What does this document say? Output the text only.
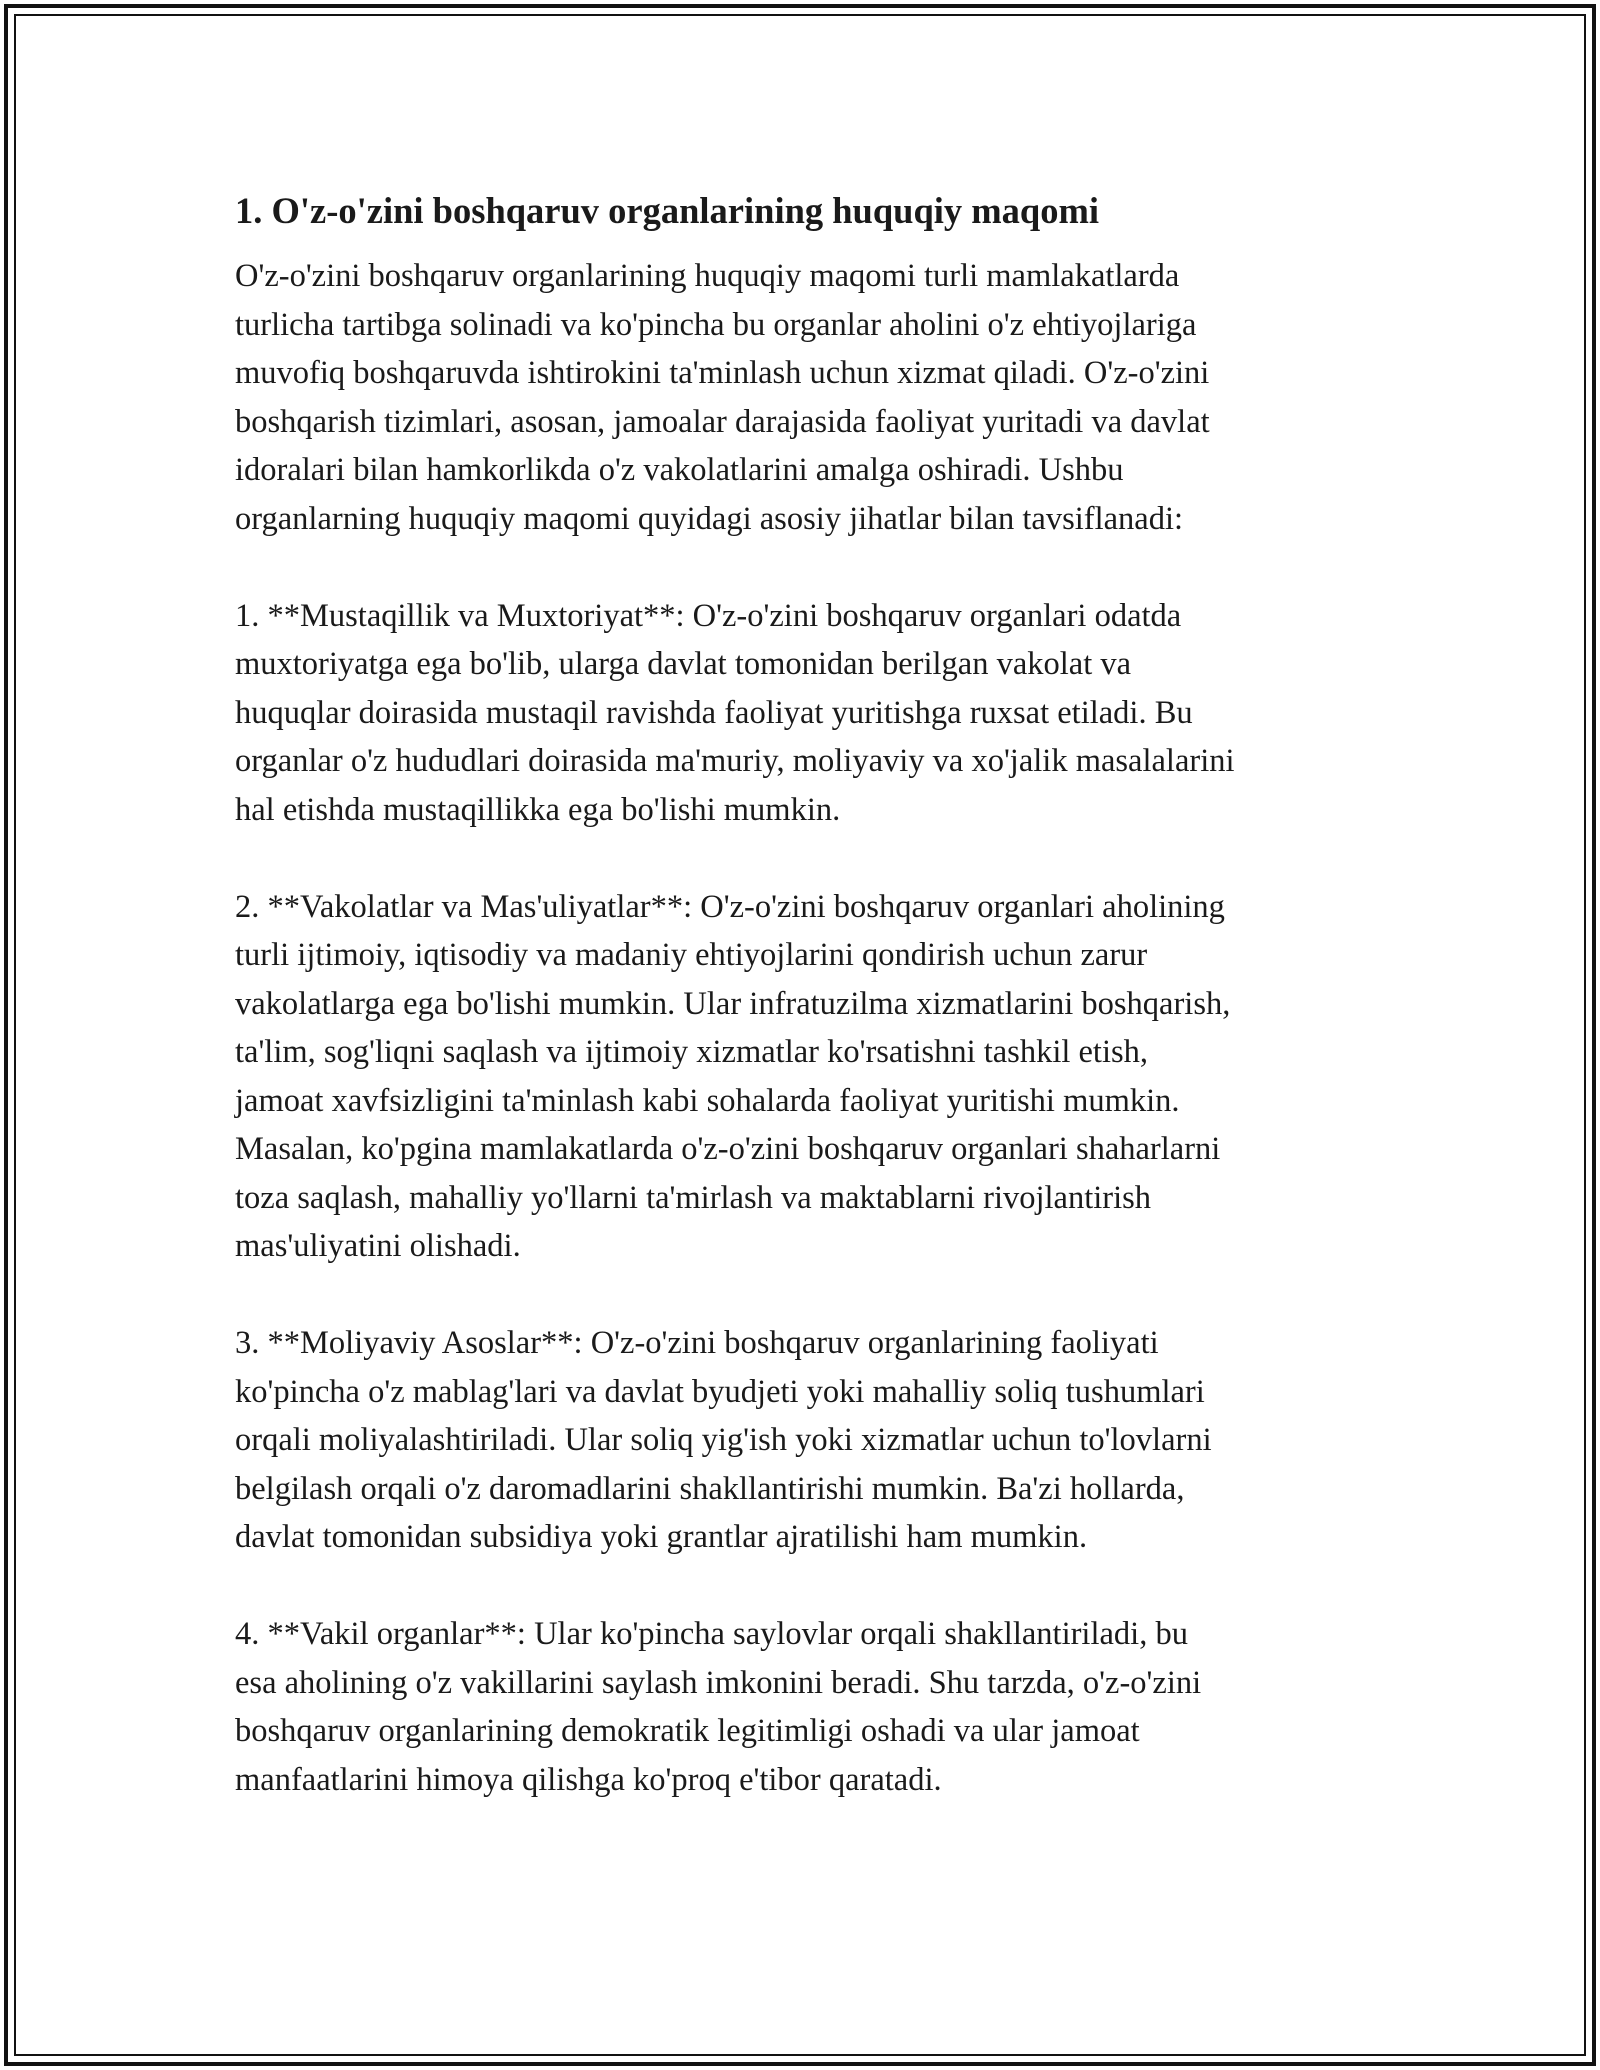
1. O'z-o'zini boshqaruv organlarining huquqiy maqomi

O'z-o'zini boshqaruv organlarining huquqiy maqomi turli mamlakatlarda
turlicha tartibga solinadi va ko'pincha bu organlar aholini o'z ehtiyojlariga
muvofiq boshqaruvda ishtirokini ta'minlash uchun xizmat qiladi. O'z-o'zini
boshqarish tizimlari, asosan, jamoalar darajasida faoliyat yuritadi va davlat
idoralari bilan hamkorlikda o'z vakolatlarini amalga oshiradi. Ushbu
organlarning huquqiy maqomi quyidagi asosiy jihatlar bilan tavsiflanadi:

1. **Mustaqillik va Muxtoriyat**: O'z-o'zini boshqaruv organlari odatda
muxtoriyatga ega bo'lib, ularga davlat tomonidan berilgan vakolat va
huquqlar doirasida mustaqil ravishda faoliyat yuritishga ruxsat etiladi. Bu
organlar o'z hududlari doirasida ma'muriy, moliyaviy va xo'jalik masalalarini
hal etishda mustaqillikka ega bo'lishi mumkin.

2. **Vakolatlar va Mas'uliyatlar**: O'z-o'zini boshqaruv organlari aholining
turli ijtimoiy, iqtisodiy va madaniy ehtiyojlarini qondirish uchun zarur
vakolatlarga ega bo'lishi mumkin. Ular infratuzilma xizmatlarini boshqarish,
ta'lim, sog'liqni saqlash va ijtimoiy xizmatlar ko'rsatishni tashkil etish,
jamoat xavfsizligini ta'minlash kabi sohalarda faoliyat yuritishi mumkin.
Masalan, ko'pgina mamlakatlarda o'z-o'zini boshqaruv organlari shaharlarni
toza saqlash, mahalliy yo'llarni ta'mirlash va maktablarni rivojlantirish
mas'uliyatini olishadi.

3. **Moliyaviy Asoslar**: O'z-o'zini boshqaruv organlarining faoliyati
ko'pincha o'z mablag'lari va davlat byudjeti yoki mahalliy soliq tushumlari
orqali moliyalashtiriladi. Ular soliq yig'ish yoki xizmatlar uchun to'lovlarni
belgilash orqali o'z daromadlarini shakllantirishi mumkin. Ba'zi hollarda,
davlat tomonidan subsidiya yoki grantlar ajratilishi ham mumkin.

4. **Vakil organlar**: Ular ko'pincha saylovlar orqali shakllantiriladi, bu
esa aholining o'z vakillarini saylash imkonini beradi. Shu tarzda, o'z-o'zini
boshqaruv organlarining demokratik legitimligi oshadi va ular jamoat
manfaatlarini himoya qilishga ko'proq e'tibor qaratadi.
